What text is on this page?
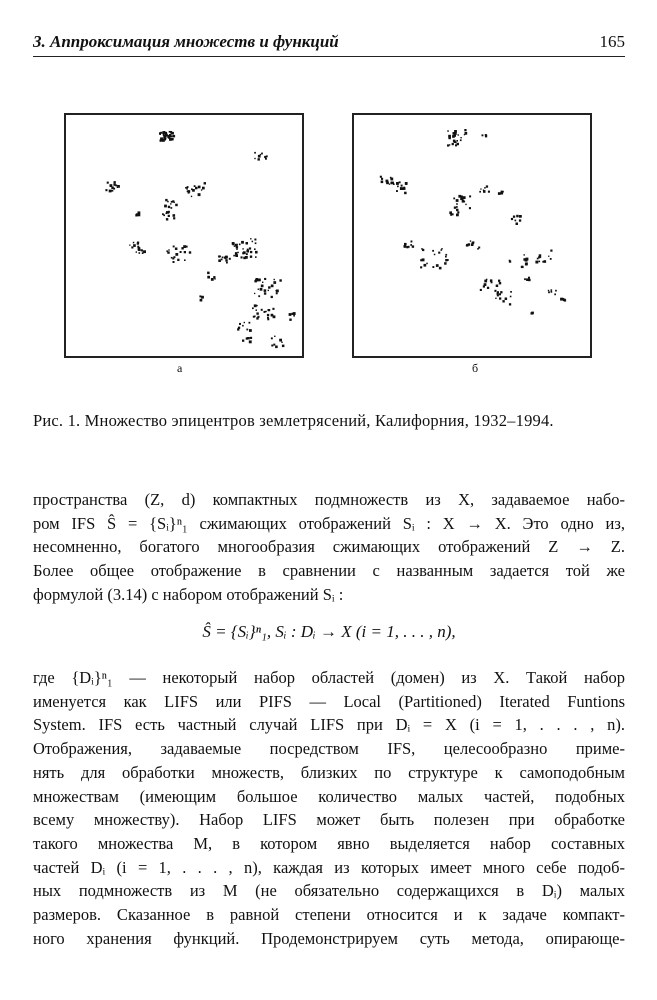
3. Аппроксимация множеств и функций	165
а	б
Рис. 1. Множество эпицентров землетрясений, Калифорния, 1932–1994.
пространства (Z, d) компактных подмножеств из X, задаваемое набо-
ром IFS Ŝ = {Sᵢ}ⁿ₁ сжимающих отображений Sᵢ : X → X. Это одно из,
несомненно, богатого многообразия сжимающих отображений Z → Z.
Более общее отображение в сравнении с названным задается той же
формулой (3.14) с набором отображений Sᵢ :
Ŝ = {Sᵢ}ⁿ₁, Sᵢ : Dᵢ → X (i = 1, . . . , n),
где {Dᵢ}ⁿ₁ — некоторый набор областей (домен) из X. Такой набор
именуется как LIFS или PIFS — Local (Partitioned) Iterated Funtions
System. IFS есть частный случай LIFS при Dᵢ = X (i = 1, . . . , n).
Отображения, задаваемые посредством IFS, целесообразно приме-
нять для обработки множеств, близких по структуре к самоподобным
множествам (имеющим большое количество малых частей, подобных
всему множеству). Набор LIFS может быть полезен при обработке
такого множества M, в котором явно выделяется набор составных
частей Dᵢ (i = 1, . . . , n), каждая из которых имеет много себе подоб-
ных подмножеств из M (не обязательно содержащихся в Dᵢ) малых
размеров. Сказанное в равной степени относится и к задаче компакт-
ного хранения функций. Продемонстрируем суть метода, опирающе-
